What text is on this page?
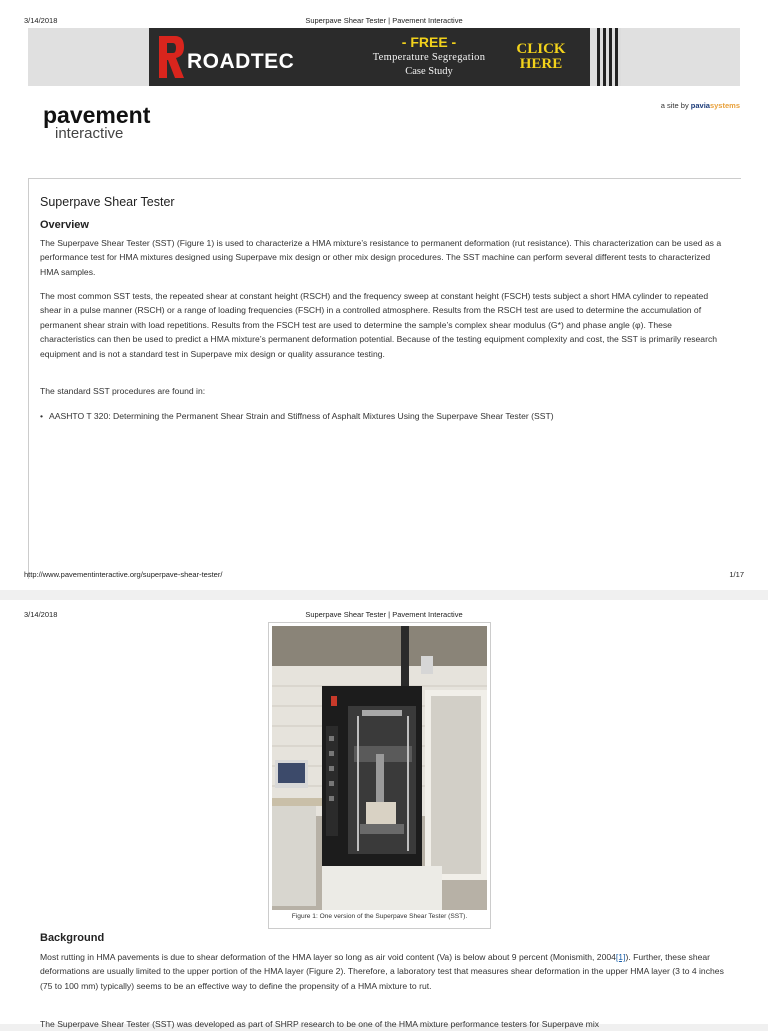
3/14/2018	Superpave Shear Tester | Pavement Interactive
ROADTEC
- FREE -
Temperature Segregation
Case Study
CLICK
HERE
pavement
interactive
a site by paviasystems
Superpave Shear Tester
Overview

The Superpave Shear Tester (SST) (Figure 1) is used to characterize a HMA mixture’s resistance to permanent deformation (rut resistance). This characterization can be used as a performance test for HMA mixtures designed using Superpave mix design or other mix design procedures. The SST machine can perform several different tests to characterized HMA samples.

The most common SST tests, the repeated shear at constant height (RSCH) and the frequency sweep at constant height (FSCH) tests subject a short HMA cylinder to repeated shear in a pulse manner (RSCH) or a range of loading frequencies (FSCH) in a controlled atmosphere. Results from the RSCH test are used to determine the accumulation of permanent shear strain with load repetitions. Results from the FSCH test are used to determine the sample’s complex shear modulus (G*) and phase angle (φ). These characteristics can then be used to predict a HMA mixture’s permanent deformation potential. Because of the testing equipment complexity and cost, the SST is primarily research equipment and is not a standard test in Superpave mix design or quality assurance testing.

The standard SST procedures are found in:

• AASHTO T 320: Determining the Permanent Shear Strain and Stiffness of Asphalt Mixtures Using the Superpave Shear Tester (SST)
http://www.pavementinteractive.org/superpave-shear-tester/	1/17
3/14/2018	Superpave Shear Tester | Pavement Interactive
Figure 1: One version of the Superpave Shear Tester (SST).
Background

Most rutting in HMA pavements is due to shear deformation of the HMA layer so long as air void content (Va) is below about 9 percent (Monismith, 2004[1]). Further, these shear deformations are usually limited to the upper portion of the HMA layer (Figure 2). Therefore, a laboratory test that measures shear deformation in the upper HMA layer (3 to 4 inches (75 to 100 mm) typically) seems to be an effective way to define the propensity of a HMA mixture to rut.

The Superpave Shear Tester (SST) was developed as part of SHRP research to be one of the HMA mixture performance testers for Superpave mix
